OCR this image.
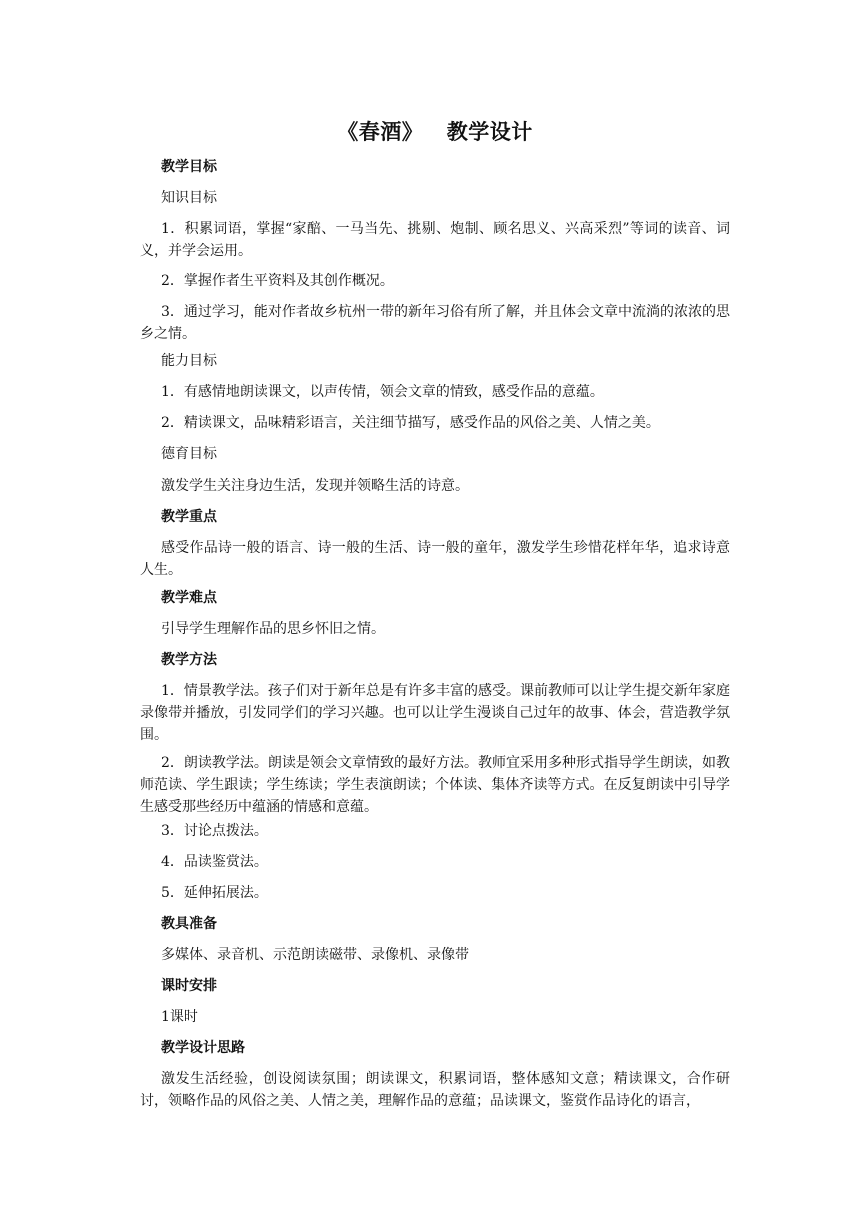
《春酒》   教学设计
教学目标
知识目标
1．积累词语，掌握“家醅、一马当先、挑剔、炮制、顾名思义、兴高采烈”等词的读音、词义，并学会运用。
2．掌握作者生平资料及其创作概况。
3．通过学习，能对作者故乡杭州一带的新年习俗有所了解，并且体会文章中流淌的浓浓的思乡之情。
能力目标
1．有感情地朗读课文，以声传情，领会文章的情致，感受作品的意蕴。
2．精读课文，品味精彩语言，关注细节描写，感受作品的风俗之美、人情之美。
德育目标
激发学生关注身边生活，发现并领略生活的诗意。
教学重点
感受作品诗一般的语言、诗一般的生活、诗一般的童年，激发学生珍惜花样年华，追求诗意人生。
教学难点
引导学生理解作品的思乡怀旧之情。
教学方法
1．情景教学法。孩子们对于新年总是有许多丰富的感受。课前教师可以让学生提交新年家庭录像带并播放，引发同学们的学习兴趣。也可以让学生漫谈自己过年的故事、体会，营造教学氛围。
2．朗读教学法。朗读是领会文章情致的最好方法。教师宜采用多种形式指导学生朗读，如教师范读、学生跟读；学生练读；学生表演朗读；个体读、集体齐读等方式。在反复朗读中引导学生感受那些经历中蕴涵的情感和意蕴。
3．讨论点拨法。
4．品读鉴赏法。
5．延伸拓展法。
教具准备
多媒体、录音机、示范朗读磁带、录像机、录像带
课时安排
1课时
教学设计思路
激发生活经验，创设阅读氛围；朗读课文，积累词语，整体感知文意；精读课文，合作研讨，领略作品的风俗之美、人情之美，理解作品的意蕴；品读课文，鉴赏作品诗化的语言，
